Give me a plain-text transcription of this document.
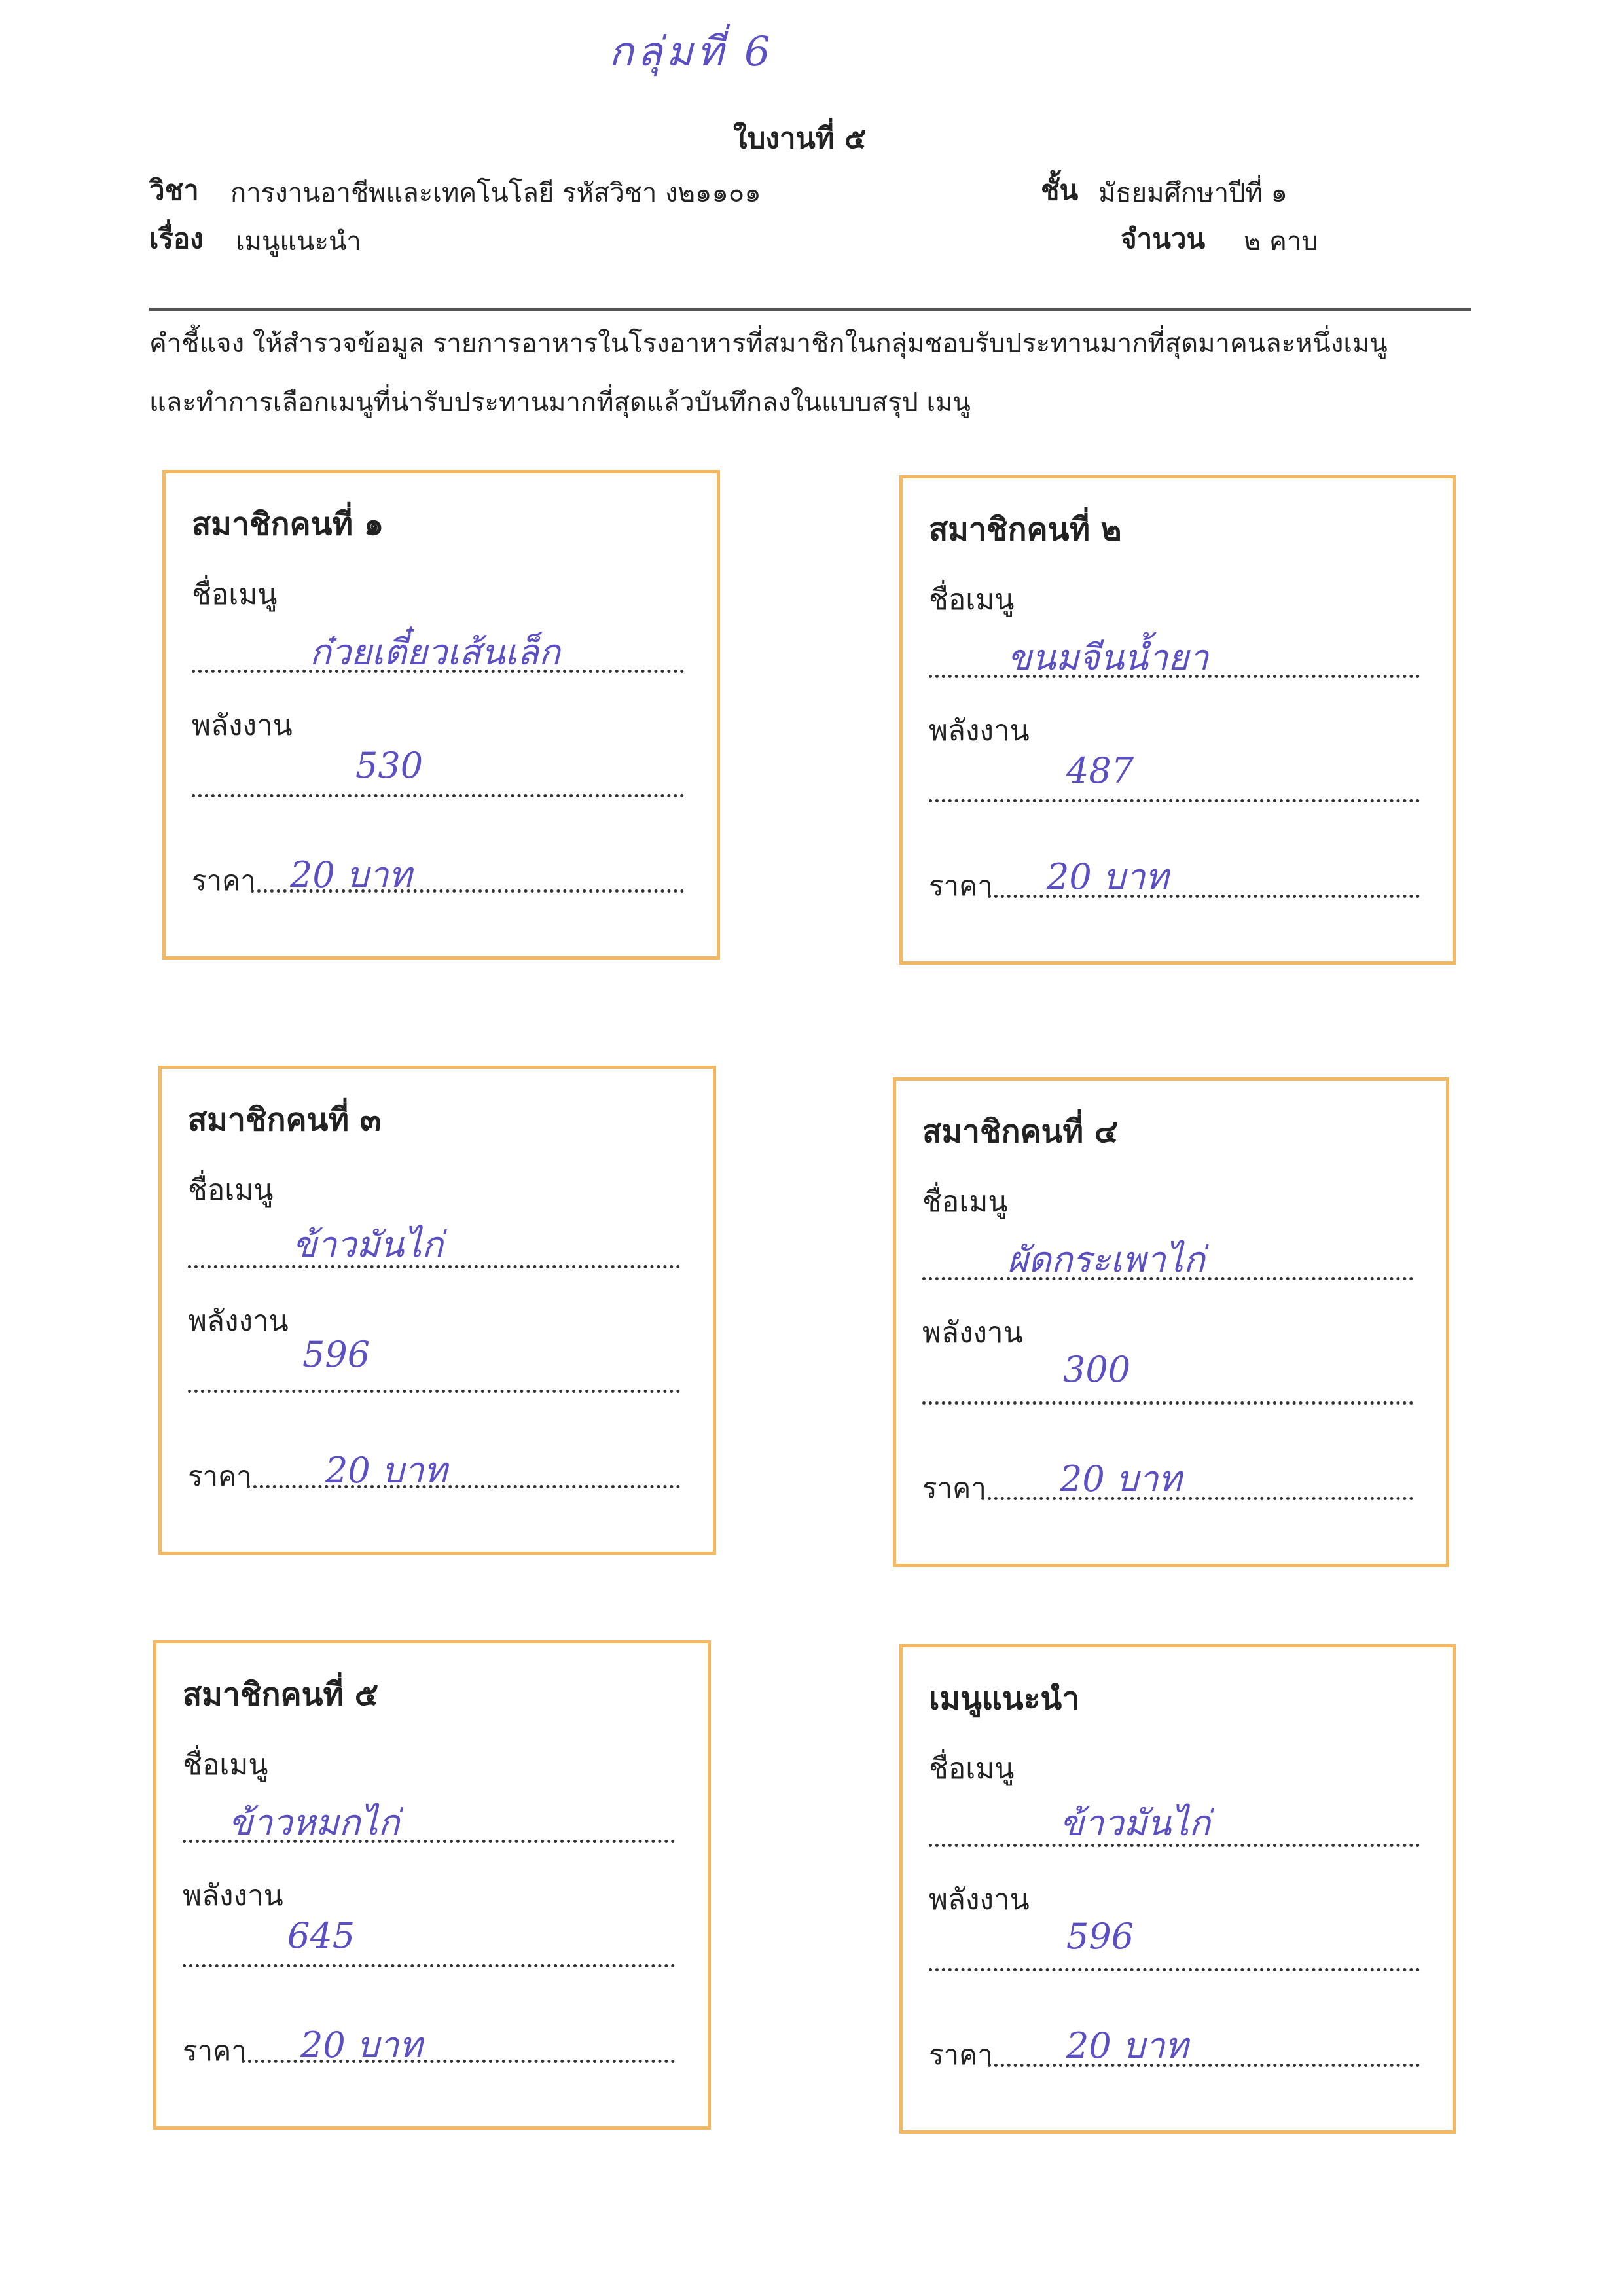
กลุ่มที่ 6
ใบงานที่ ๕
วิชา การงานอาชีพและเทคโนโลยี รหัสวิชา ง๒๑๑๐๑	ชั้น มัธยมศึกษาปีที่ ๑
เรื่อง เมนูแนะนำ	จำนวน ๒ คาบ
คำชี้แจง ให้สำรวจข้อมูล รายการอาหารในโรงอาหารที่สมาชิกในกลุ่มชอบรับประทานมากที่สุดมาคนละหนึ่งเมนู
และทำการเลือกเมนูที่น่ารับประทานมากที่สุดแล้วบันทึกลงในแบบสรุป เมนู
สมาชิกคนที่ ๑
ชื่อเมนู
ก๋วยเตี๋ยวเส้นเล็ก
พลังงาน
530
ราคา 20 บาท
สมาชิกคนที่ ๒
ชื่อเมนู
ขนมจีนน้ำยา
พลังงาน
487
ราคา 20 บาท
สมาชิกคนที่ ๓
ชื่อเมนู
ข้าวมันไก่
พลังงาน
596
ราคา 20 บาท
สมาชิกคนที่ ๔
ชื่อเมนู
ผัดกระเพาไก่
พลังงาน
300
ราคา 20 บาท
สมาชิกคนที่ ๕
ชื่อเมนู
ข้าวหมกไก่
พลังงาน
645
ราคา 20 บาท
เมนูแนะนำ
ชื่อเมนู
ข้าวมันไก่
พลังงาน
596
ราคา 20 บาท
